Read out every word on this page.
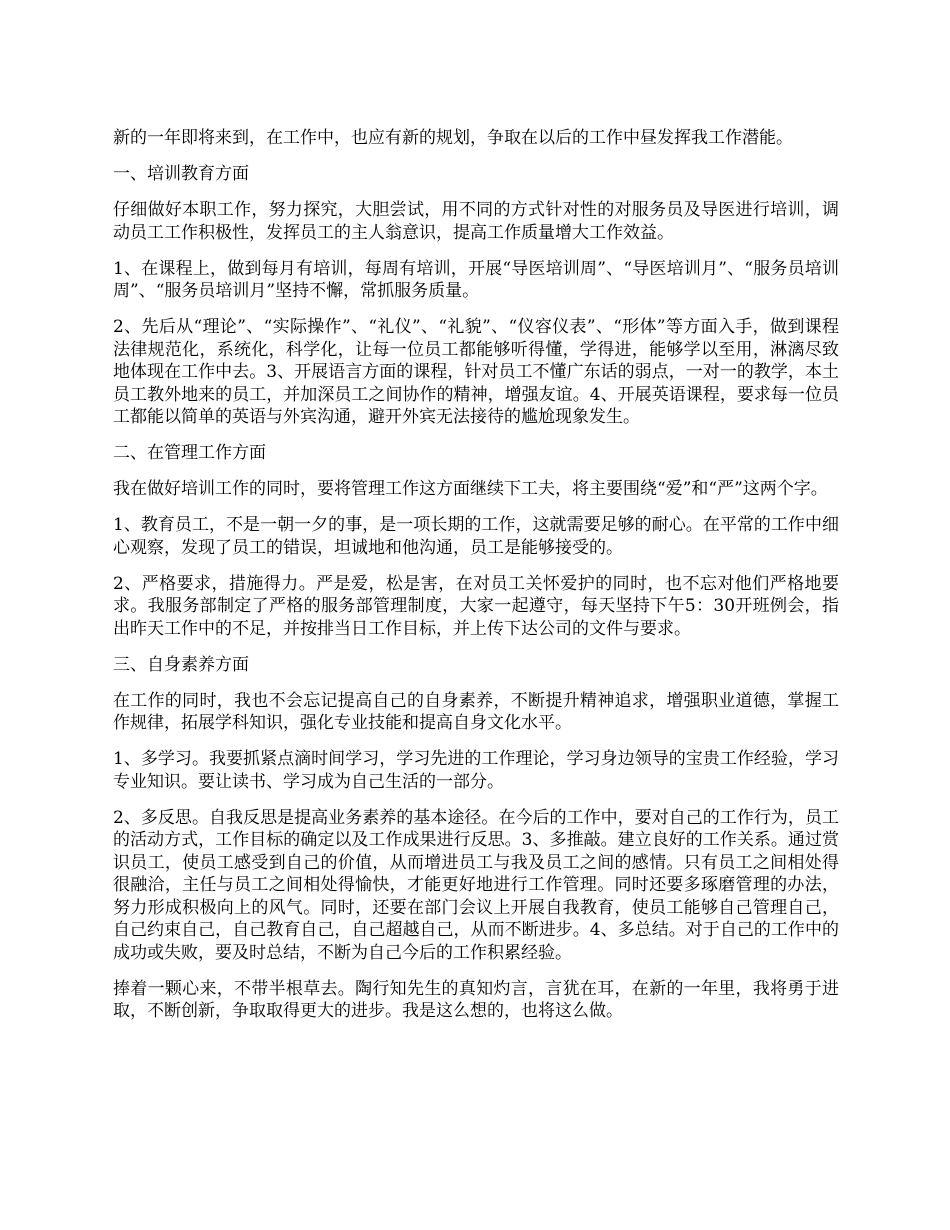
新的一年即将来到，在工作中，也应有新的规划，争取在以后的工作中昼发挥我工作潜能。

一、培训教育方面

仔细做好本职工作，努力探究，大胆尝试，用不同的方式针对性的对服务员及导医进行培训，调动员工工作积极性，发挥员工的主人翁意识，提高工作质量增大工作效益。

1、在课程上，做到每月有培训，每周有培训，开展“导医培训周”、“导医培训月”、“服务员培训周”、“服务员培训月”坚持不懈，常抓服务质量。

2、先后从“理论”、“实际操作”、“礼仪”、“礼貌”、“仪容仪表”、“形体”等方面入手，做到课程法律规范化，系统化，科学化，让每一位员工都能够听得懂，学得进，能够学以至用，淋漓尽致地体现在工作中去。3、开展语言方面的课程，针对员工不懂广东话的弱点，一对一的教学，本土员工教外地来的员工，并加深员工之间协作的精神，增强友谊。4、开展英语课程，要求每一位员工都能以简单的英语与外宾沟通，避开外宾无法接待的尴尬现象发生。

二、在管理工作方面

我在做好培训工作的同时，要将管理工作这方面继续下工夫，将主要围绕“爱”和“严”这两个字。

1、教育员工，不是一朝一夕的事，是一项长期的工作，这就需要足够的耐心。在平常的工作中细心观察，发现了员工的错误，坦诚地和他沟通，员工是能够接受的。

2、严格要求，措施得力。严是爱，松是害，在对员工关怀爱护的同时，也不忘对他们严格地要求。我服务部制定了严格的服务部管理制度，大家一起遵守，每天坚持下午5：30开班例会，指出昨天工作中的不足，并按排当日工作目标，并上传下达公司的文件与要求。

三、自身素养方面

在工作的同时，我也不会忘记提高自己的自身素养，不断提升精神追求，增强职业道德，掌握工作规律，拓展学科知识，强化专业技能和提高自身文化水平。

1、多学习。我要抓紧点滴时间学习，学习先进的工作理论，学习身边领导的宝贵工作经验，学习专业知识。要让读书、学习成为自己生活的一部分。

2、多反思。自我反思是提高业务素养的基本途径。在今后的工作中，要对自己的工作行为，员工的活动方式，工作目标的确定以及工作成果进行反思。3、多推敲。建立良好的工作关系。通过赏识员工，使员工感受到自己的价值，从而增进员工与我及员工之间的感情。只有员工之间相处得很融洽，主任与员工之间相处得愉快，才能更好地进行工作管理。同时还要多琢磨管理的办法，努力形成积极向上的风气。同时，还要在部门会议上开展自我教育，使员工能够自己管理自己，自己约束自己，自己教育自己，自己超越自己，从而不断进步。4、多总结。对于自己的工作中的成功或失败，要及时总结，不断为自己今后的工作积累经验。

捧着一颗心来，不带半根草去。陶行知先生的真知灼言，言犹在耳，在新的一年里，我将勇于进取，不断创新，争取取得更大的进步。我是这么想的，也将这么做。
